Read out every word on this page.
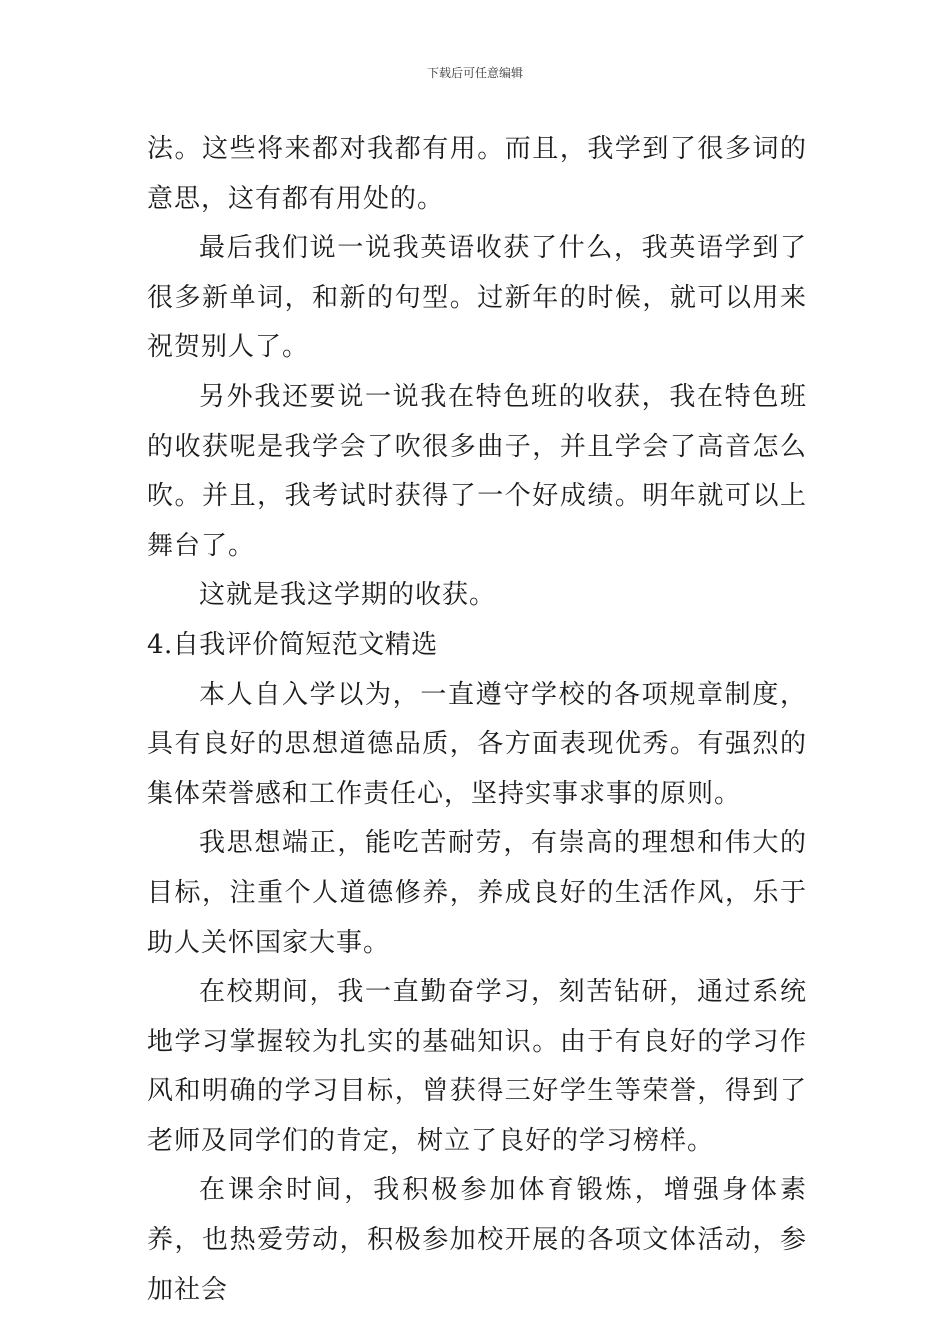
下载后可任意编辑

法。这些将来都对我都有用。而且，我学到了很多词的意思，这有都有用处的。

最后我们说一说我英语收获了什么，我英语学到了很多新单词，和新的句型。过新年的时候，就可以用来祝贺别人了。

另外我还要说一说我在特色班的收获，我在特色班的收获呢是我学会了吹很多曲子，并且学会了高音怎么吹。并且，我考试时获得了一个好成绩。明年就可以上舞台了。

这就是我这学期的收获。

4.自我评价简短范文精选

本人自入学以为，一直遵守学校的各项规章制度，具有良好的思想道德品质，各方面表现优秀。有强烈的集体荣誉感和工作责任心，坚持实事求事的原则。

我思想端正，能吃苦耐劳，有崇高的理想和伟大的目标，注重个人道德修养，养成良好的生活作风，乐于助人关怀国家大事。

在校期间，我一直勤奋学习，刻苦钻研，通过系统地学习掌握较为扎实的基础知识。由于有良好的学习作风和明确的学习目标，曾获得三好学生等荣誉，得到了老师及同学们的肯定，树立了良好的学习榜样。

在课余时间，我积极参加体育锻炼，增强身体素养，也热爱劳动，积极参加校开展的各项文体活动，参加社会
